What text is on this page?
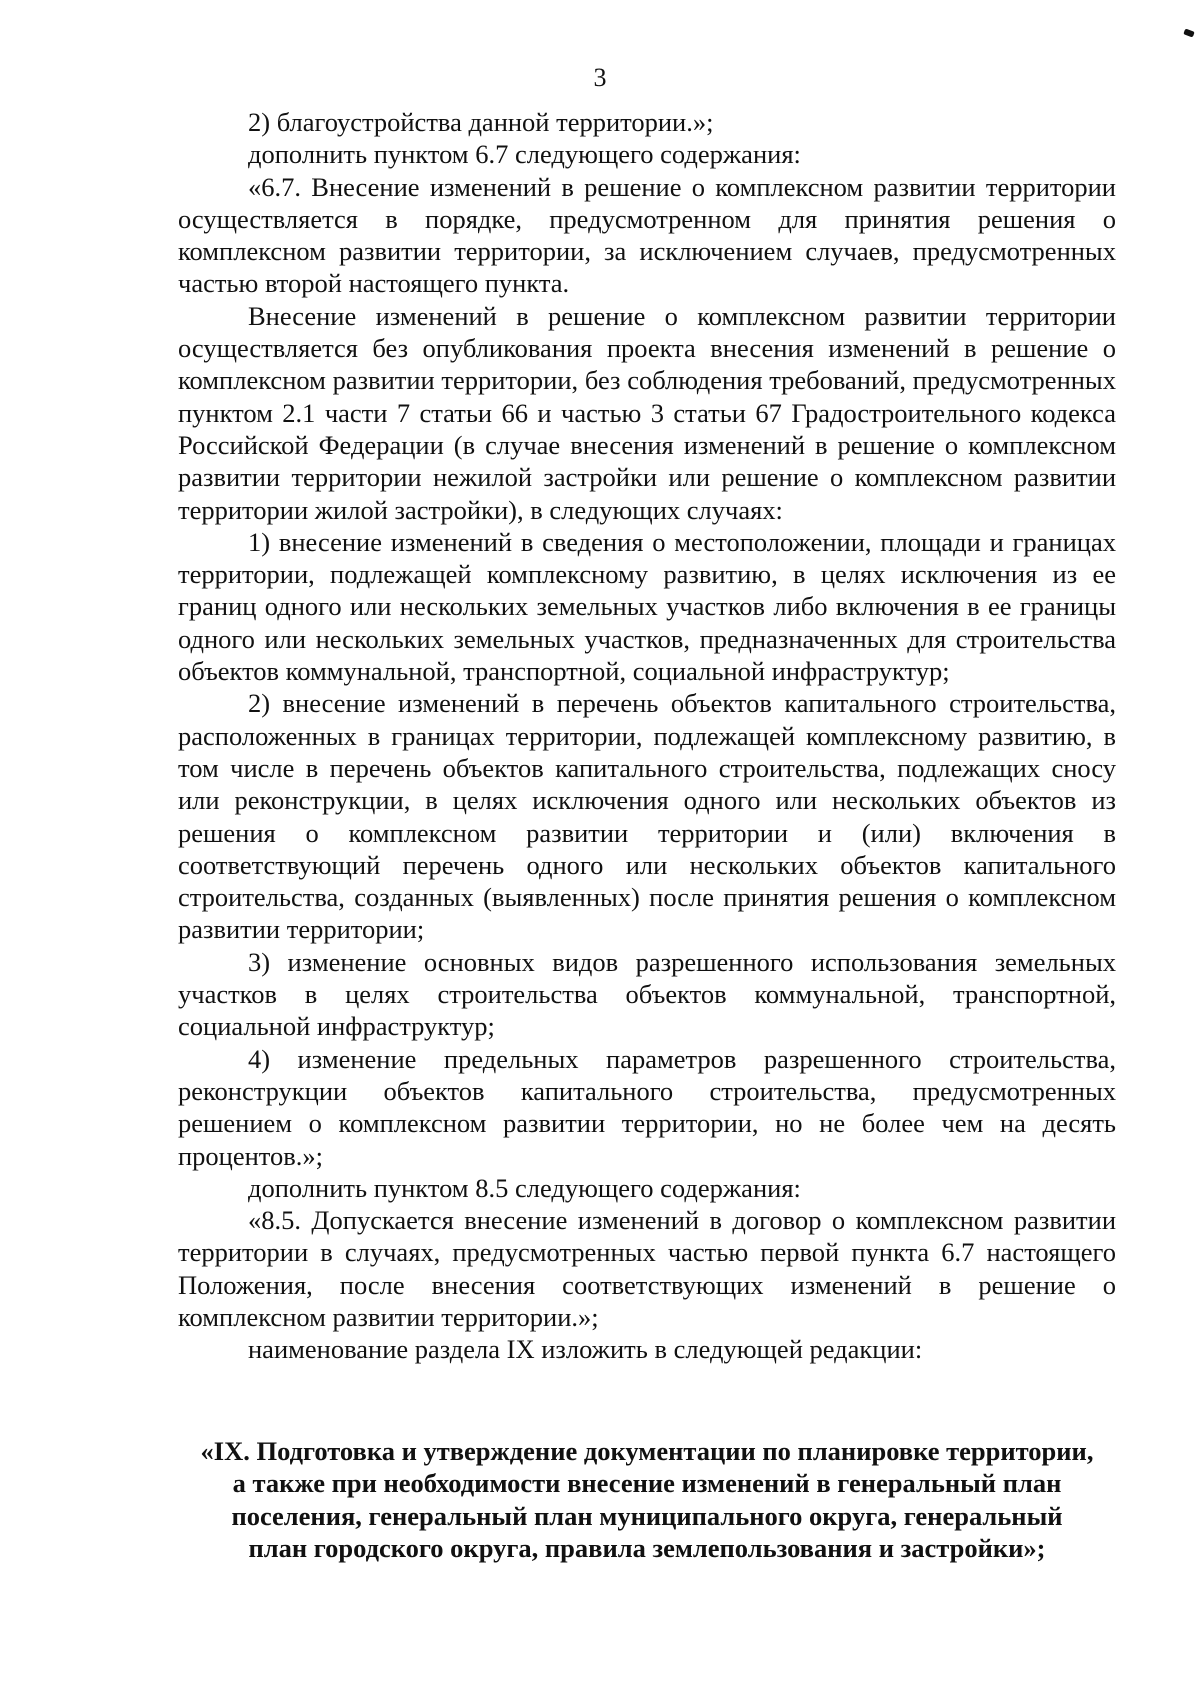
3

2) благоустройства данной территории.»;

дополнить пунктом 6.7 следующего содержания:

«6.7. Внесение изменений в решение о комплексном развитии территории осуществляется в порядке, предусмотренном для принятия решения о комплексном развитии территории, за исключением случаев, предусмотренных частью второй настоящего пункта.

Внесение изменений в решение о комплексном развитии территории осуществляется без опубликования проекта внесения изменений в решение о комплексном развитии территории, без соблюдения требований, предусмотренных пунктом 2.1 части 7 статьи 66 и частью 3 статьи 67 Градостроительного кодекса Российской Федерации (в случае внесения изменений в решение о комплексном развитии территории нежилой застройки или решение о комплексном развитии территории жилой застройки), в следующих случаях:

1) внесение изменений в сведения о местоположении, площади и границах территории, подлежащей комплексному развитию, в целях исключения из ее границ одного или нескольких земельных участков либо включения в ее границы одного или нескольких земельных участков, предназначенных для строительства объектов коммунальной, транспортной, социальной инфраструктур;

2) внесение изменений в перечень объектов капитального строительства, расположенных в границах территории, подлежащей комплексному развитию, в том числе в перечень объектов капитального строительства, подлежащих сносу или реконструкции, в целях исключения одного или нескольких объектов из решения о комплексном развитии территории и (или) включения в соответствующий перечень одного или нескольких объектов капитального строительства, созданных (выявленных) после принятия решения о комплексном развитии территории;

3) изменение основных видов разрешенного использования земельных участков в целях строительства объектов коммунальной, транспортной, социальной инфраструктур;

4) изменение предельных параметров разрешенного строительства, реконструкции объектов капитального строительства, предусмотренных решением о комплексном развитии территории, но не более чем на десять процентов.»;

дополнить пунктом 8.5 следующего содержания:

«8.5. Допускается внесение изменений в договор о комплексном развитии территории в случаях, предусмотренных частью первой пункта 6.7 настоящего Положения, после внесения соответствующих изменений в решение о комплексном развитии территории.»;

наименование раздела IX изложить в следующей редакции:

«IX. Подготовка и утверждение документации по планировке территории,
а также при необходимости внесение изменений в генеральный план
поселения, генеральный план муниципального округа, генеральный
план городского округа, правила землепользования и застройки»;
